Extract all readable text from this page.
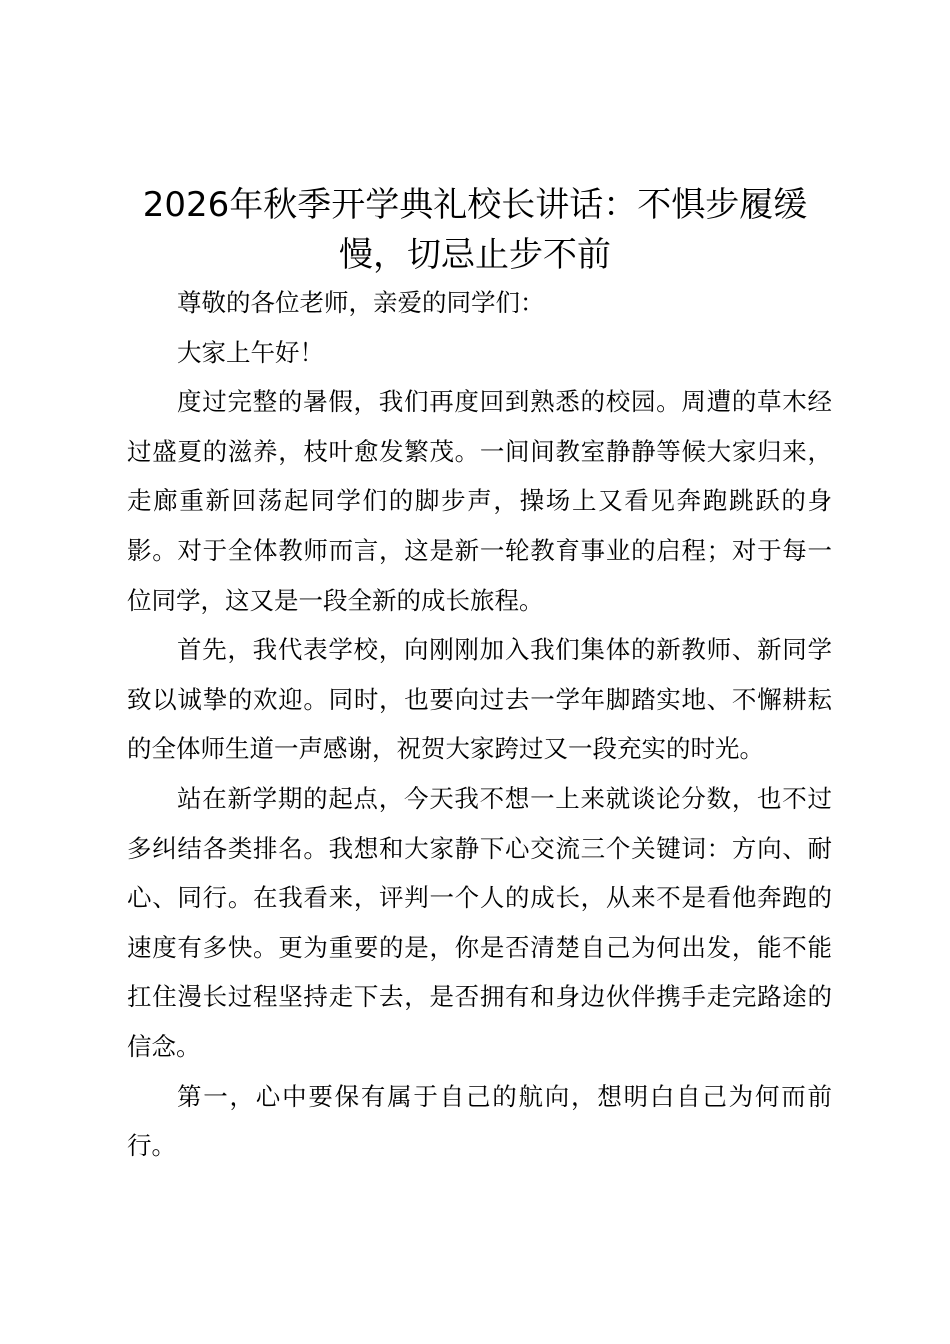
2026年秋季开学典礼校长讲话：不惧步履缓慢，切忌止步不前

尊敬的各位老师，亲爱的同学们：

大家上午好！

度过完整的暑假，我们再度回到熟悉的校园。周遭的草木经过盛夏的滋养，枝叶愈发繁茂。一间间教室静静等候大家归来，走廊重新回荡起同学们的脚步声，操场上又看见奔跑跳跃的身影。对于全体教师而言，这是新一轮教育事业的启程；对于每一位同学，这又是一段全新的成长旅程。

首先，我代表学校，向刚刚加入我们集体的新教师、新同学致以诚挚的欢迎。同时，也要向过去一学年脚踏实地、不懈耕耘的全体师生道一声感谢，祝贺大家跨过又一段充实的时光。

站在新学期的起点，今天我不想一上来就谈论分数，也不过多纠结各类排名。我想和大家静下心交流三个关键词：方向、耐心、同行。在我看来，评判一个人的成长，从来不是看他奔跑的速度有多快。更为重要的是，你是否清楚自己为何出发，能不能扛住漫长过程坚持走下去，是否拥有和身边伙伴携手走完路途的信念。

第一，心中要保有属于自己的航向，想明白自己为何而前行。
